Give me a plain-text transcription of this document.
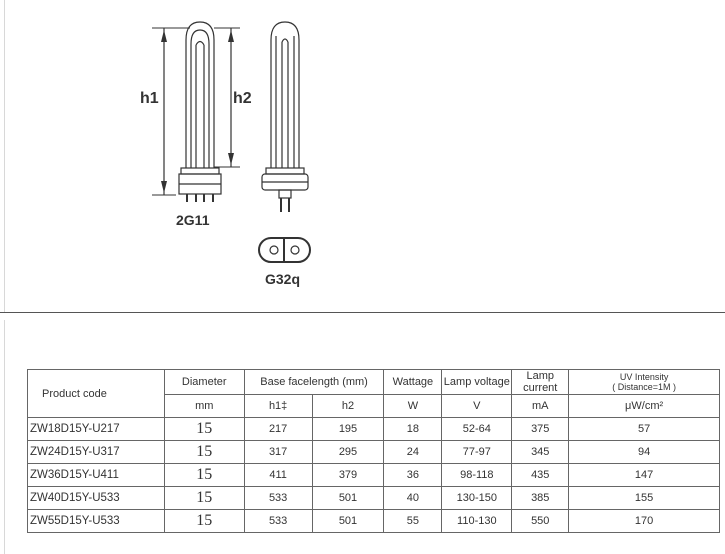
h1	h2
2G11
G32q
Product code	Diameter	Base facelength (mm)		Wattage	Lamp voltage	Lamp current	UV Intensity
( Distance=1M )

	mm	h1‡	h2	W	V	mA	μW/cm²
ZW18D15Y-U217	15	217	195	18	52-64	375	57
ZW24D15Y-U317	15	317	295	24	77-97	345	94
ZW36D15Y-U411	15	411	379	36	98-118	435	147
ZW40D15Y-U533	15	533	501	40	130-150	385	155
ZW55D15Y-U533	15	533	501	55	110-130	550	170
